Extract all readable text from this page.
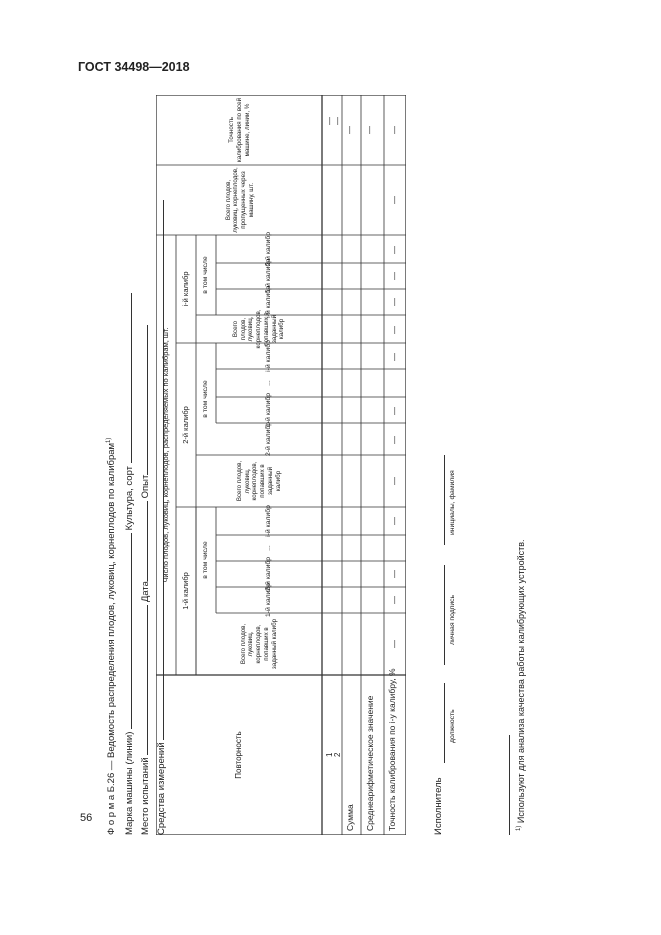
ГОСТ 34498—2018
56 Ф о р м а Б.26 — Ведомость распределения плодов, луковиц, корнеплодов по калибрам$^{1)}$
Марка машины (линии)  Культура, сорт
Место испытаний  Дата Опыт
Средства измерений	Повторность
Число плодов, луковиц, корнеплодов, распределяемых по калибрам, шт.
1-й калибр
2-й калибр
i-й калибр
Всего плодов, луковиц, корнеплодов, попавших в заданный калибр
в том числе
1-й калибр
2-й калибр
...
i-й калибр
Всего плодов, луковиц, корнеплодов, попавших в заданный калибр
в том числе
2-й калибр
1-й калибр
...
i-й калибр
Всего плодов, луковиц, корнеплодов, попавших в заданный калибр
в том числе
i-й калибр
1-й калибр
2-й калибр
Всего плодов, луковиц, корнеплодов, пропущенных через машину, шт.
Точность калибрования по всей машине, линии, %
1 2
Сумма Среднеарифметическое значение Точность калибрования по i-у калибру, %
—
—
—
—
—
—
—
—
—
—
—
—
—
— — —
— —
Исполнитель
должность
личная подпись
инициалы, фамилия
$^{1)}$ Используют для анализа качества работы калибрующих устройств.
